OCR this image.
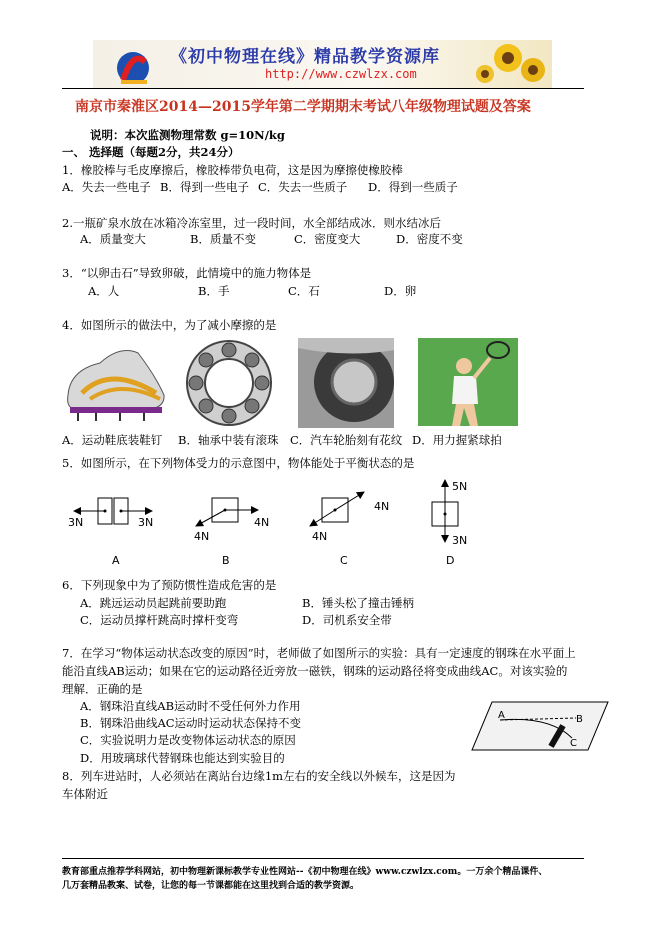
《初中物理在线》精品教学资源库
http://www.czwlzx.com
南京市秦淮区2014—2015学年第二学期期末考试八年级物理试题及答案
说明：本次监测物理常数 g=10N/kg
一、 选择题（每题2分，共24分）
1．橡胶棒与毛皮摩擦后，橡胶棒带负电荷，这是因为摩擦使橡胶棒
A．失去一些电子 B．得到一些电子 C．失去一些质子 D．得到一些质子
2.一瓶矿泉水放在冰箱冷冻室里，过一段时间，水全部结成冰．则水结冰后
A．质量变大	B．质量不变	C．密度变大	D．密度不变
3．“以卵击石”导致卵破，此情境中的施力物体是
A．人	B．手	C．石	D．卵
4．如图所示的做法中，为了减小摩擦的是
A．运动鞋底装鞋钉 B．轴承中装有滚珠 C．汽车轮胎刻有花纹 D．用力握紧球拍
5．如图所示，在下列物体受力的示意图中，物体能处于平衡状态的是
3N	3N
4N
4N
4N
4N
5N
3N
A	B	C	D
6．下列现象中为了预防惯性造成危害的是
A．跳远运动员起跳前要助跑	B．锤头松了撞击锤柄
C．运动员撑杆跳高时撑杆变弯	D．司机系安全带
7．在学习“物体运动状态改变的原因”时，老师做了如图所示的实验：具有一定速度的钢珠在水平面上
能沿直线AB运动；如果在它的运动路径近旁放一磁铁，钢珠的运动路径将变成曲线AC。对该实验的
理解．正确的是
A．钢珠沿直线AB运动时不受任何外力作用
B．钢珠沿曲线AC运动时运动状态保持不变
C．实验说明力是改变物体运动状态的原因
D．用玻璃球代替钢珠也能达到实验目的
A	B
C
8．列车进站时，人必须站在离站台边缘1m左右的安全线以外候车，这是因为
车体附近
教育部重点推荐学科网站，初中物理新课标教学专业性网站--《初中物理在线》www.czwlzx.com。一万余个精品课件、
几万套精品教案、试卷，让您的每一节课都能在这里找到合适的教学资源。
